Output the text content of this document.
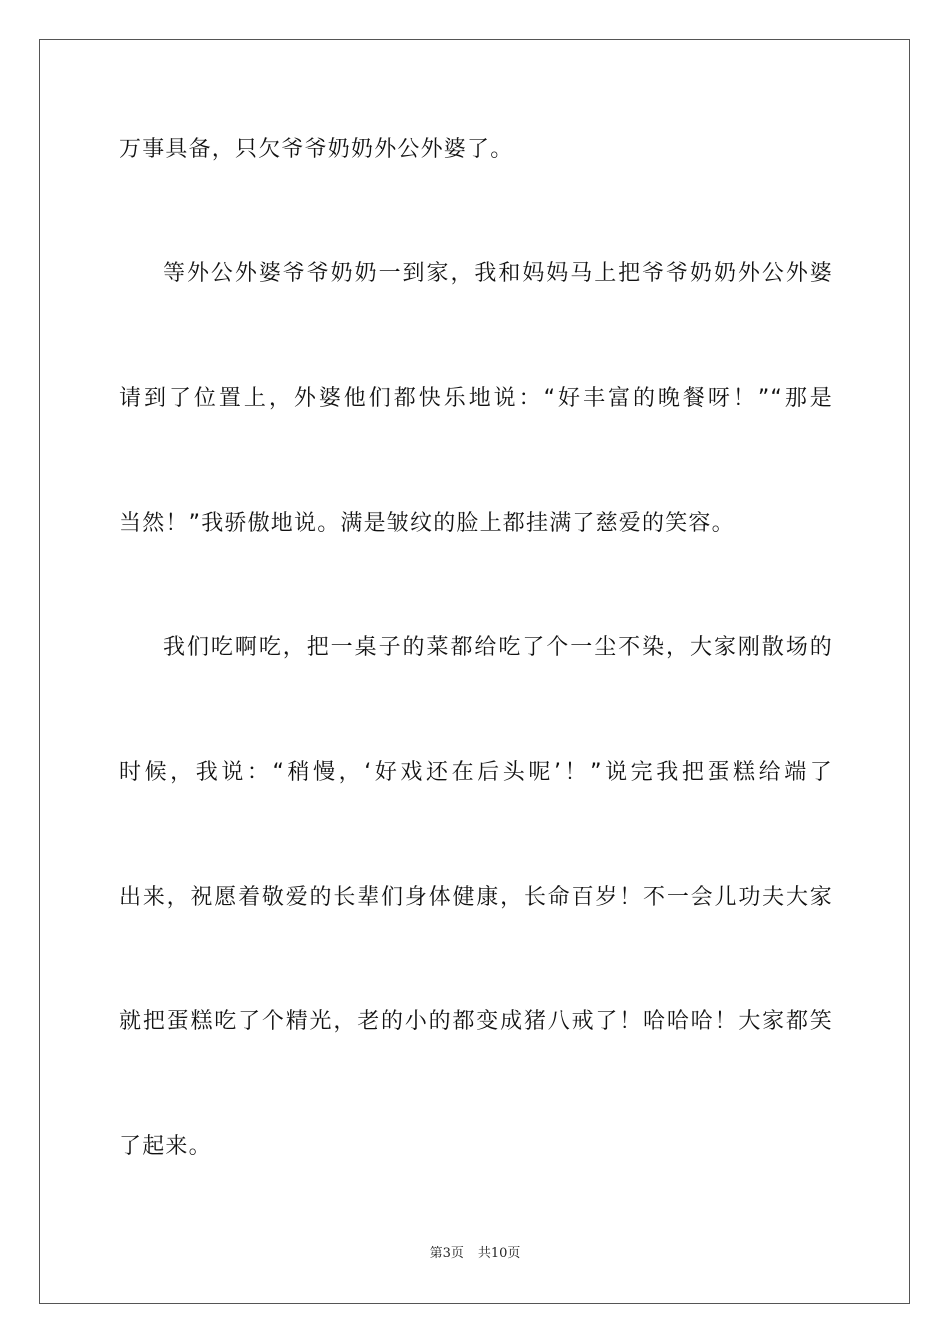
万事具备，只欠爷爷奶奶外公外婆了。
等外公外婆爷爷奶奶一到家，我和妈妈马上把爷爷奶奶外公外婆
请到了位置上，外婆他们都快乐地说：“好丰富的晚餐呀！”“那是
当然！”我骄傲地说。满是皱纹的脸上都挂满了慈爱的笑容。
我们吃啊吃，把一桌子的菜都给吃了个一尘不染，大家刚散场的
时候，我说：“稍慢，‘好戏还在后头呢’！”说完我把蛋糕给端了
出来，祝愿着敬爱的长辈们身体健康，长命百岁！不一会儿功夫大家
就把蛋糕吃了个精光，老的小的都变成猪八戒了！哈哈哈！大家都笑
了起来。
第3页 共10页
